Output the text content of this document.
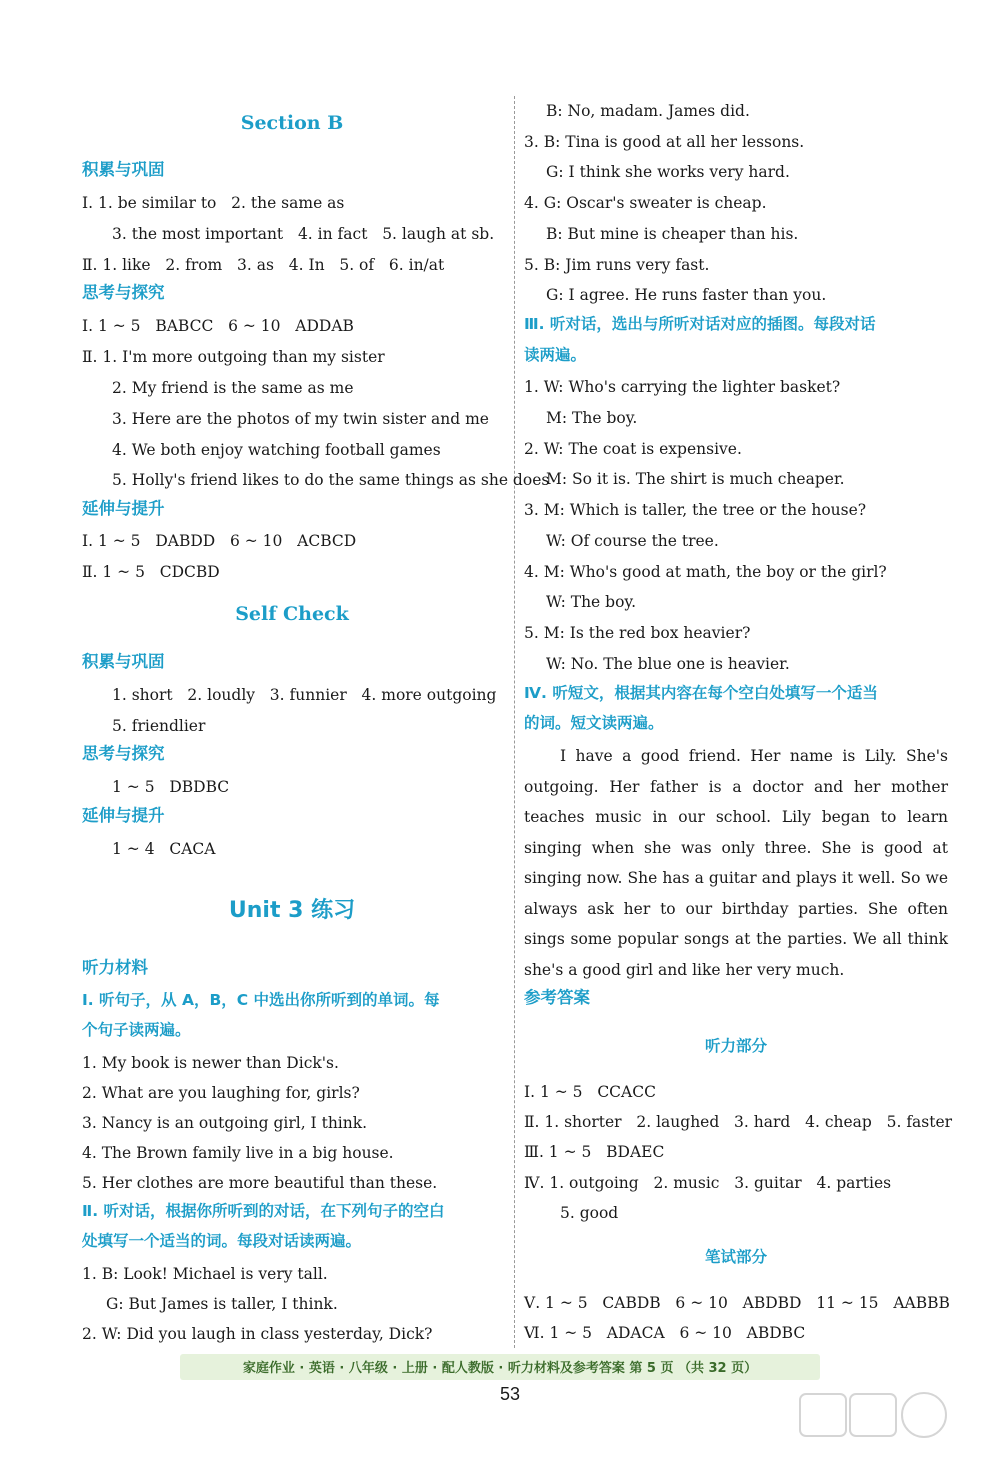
Section B
积累与巩固
Ⅰ. 1. be similar to   2. the same as
3. the most important   4. in fact   5. laugh at sb.
Ⅱ. 1. like   2. from   3. as   4. In   5. of   6. in/at
思考与探究
Ⅰ. 1 ~ 5   BABCC   6 ~ 10   ADDAB
Ⅱ. 1. I'm more outgoing than my sister
2. My friend is the same as me
3. Here are the photos of my twin sister and me
4. We both enjoy watching football games
5. Holly's friend likes to do the same things as she does
延伸与提升
Ⅰ. 1 ~ 5   DABDD   6 ~ 10   ACBCD
Ⅱ. 1 ~ 5   CDCBD
Self Check
积累与巩固
1. short   2. loudly   3. funnier   4. more outgoing
5. friendlier
思考与探究
1 ~ 5   DBDBC
延伸与提升
1 ~ 4   CACA
Unit 3 练习
听力材料
Ⅰ. 听句子，从 A，B，C 中选出你所听到的单词。每
个句子读两遍。
1. My book is newer than Dick's.
2. What are you laughing for, girls?
3. Nancy is an outgoing girl, I think.
4. The Brown family live in a big house.
5. Her clothes are more beautiful than these.
Ⅱ. 听对话，根据你所听到的对话，在下列句子的空白
处填写一个适当的词。每段对话读两遍。
1. B: Look! Michael is very tall.
G: But James is taller, I think.
2. W: Did you laugh in class yesterday, Dick?
B: No, madam. James did.
3. B: Tina is good at all her lessons.
G: I think she works very hard.
4. G: Oscar's sweater is cheap.
B: But mine is cheaper than his.
5. B: Jim runs very fast.
G: I agree. He runs faster than you.
Ⅲ. 听对话，选出与所听对话对应的插图。每段对话
读两遍。
1. W: Who's carrying the lighter basket?
M: The boy.
2. W: The coat is expensive.
M: So it is. The shirt is much cheaper.
3. M: Which is taller, the tree or the house?
W: Of course the tree.
4. M: Who's good at math, the boy or the girl?
W: The boy.
5. M: Is the red box heavier?
W: No. The blue one is heavier.
Ⅳ. 听短文，根据其内容在每个空白处填写一个适当
的词。短文读两遍。
I have a good friend. Her name is Lily. She's outgoing. Her father is a doctor and her mother teaches music in our school. Lily began to learn singing when she was only three. She is good at singing now. She has a guitar and plays it well. So we always ask her to our birthday parties. She often sings some popular songs at the parties. We all think she's a good girl and like her very much.
参考答案
听力部分
Ⅰ. 1 ~ 5   CCACC
Ⅱ. 1. shorter   2. laughed   3. hard   4. cheap   5. faster
Ⅲ. 1 ~ 5   BDAEC
Ⅳ. 1. outgoing   2. music   3. guitar   4. parties
5. good
笔试部分
Ⅴ. 1 ~ 5   CABDB   6 ~ 10   ABDBD   11 ~ 15   AABBB
Ⅵ. 1 ~ 5   ADACA   6 ~ 10   ABDBC
家庭作业 · 英语 · 八年级 · 上册 · 配人教版 · 听力材料及参考答案 第 5 页 （共 32 页）
53
